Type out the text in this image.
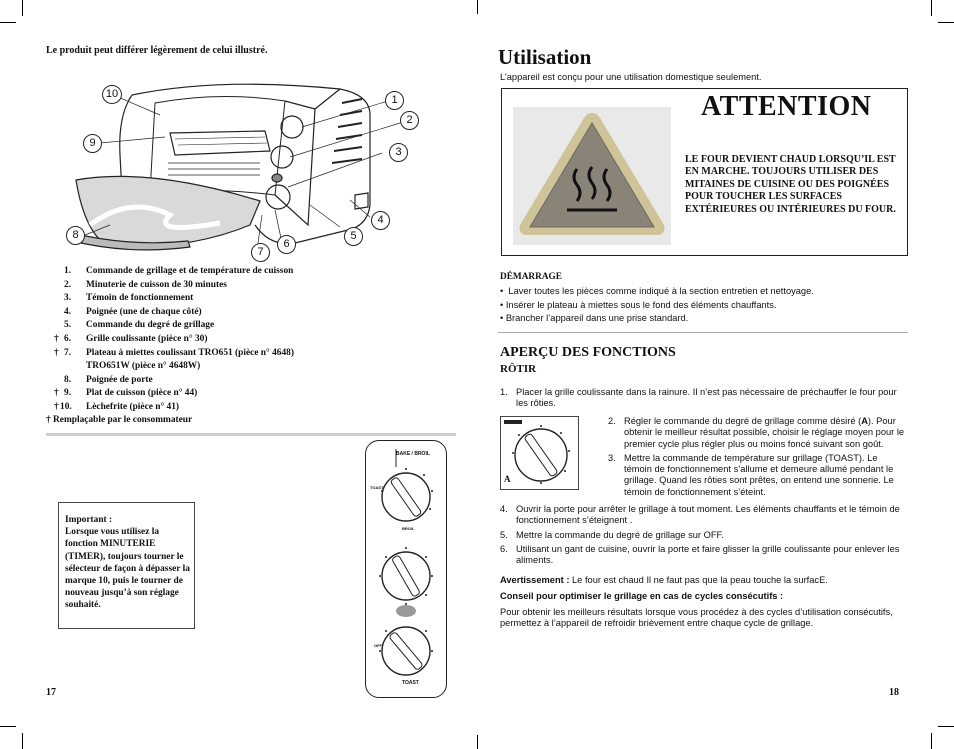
Le produit peut différer légèrement de celui illustré.
10
9
8
7
6
5
4
3
2
1
1. Commande de grillage et de température de cuisson
2. Minuterie de cuisson de 30 minutes
3. Témoin de fonctionnement
4. Poignée (une de chaque côté)
5. Commande du degré de grillage
† 6. Grille coulissante (pièce n° 30)
† 7. Plateau à miettes coulissant TRO651 (pièce n° 4648)
TRO651W (pièce n° 4648W)
8. Poignée de porte
† 9. Plat de cuisson (pièce n° 44)
† 10. Lèchefrite (pièce n° 41)
† Remplaçable par le consommateur
Important :
Lorsque vous utilisez la fonction MINUTERIE (TIMER), toujours tourner le sélecteur de façon à dépasser la marque 10, puis le tourner de nouveau jusqu’à son réglage souhaité.
BAKE / BROIL
TOAST
BROIL
OFF
TOAST
17
Utilisation
L’appareil est conçu pour une utilisation domestique seulement.
ATTENTION
LE FOUR DEVIENT CHAUD LORSQU’IL EST EN MARCHE. TOUJOURS UTILISER DES MITAINES DE CUISINE OU DES POIGNÉES POUR TOUCHER LES SURFACES EXTÉRIEURES OU INTÉRIEURES DU FOUR.
DÉMARRAGE
•  Laver toutes les pièces comme indiqué à la section entretien et nettoyage.
• Insérer le plateau à miettes sous le fond des éléments chauffants.
• Brancher l’appareil dans une prise standard.
APERÇU DES FONCTIONS
RÔTIR
1. Placer la grille coulissante dans la rainure. Il n’est pas nécessaire de préchauffer le four pour les rôties.
A
2. Régler le commande du degré de grillage comme désiré (A). Pour obtenir le meilleur résultat possible, choisir le réglage moyen pour le premier cycle plus régler plus ou moins foncé suivant son goût.
3. Mettre la commande de température sur grillage (TOAST). Le témoin de fonctionnement s’allume et demeure allumé pendant le grillage. Quand les rôties sont prêtes, on entend une sonnerie. Le témoin de fonctionnement s’éteint.
4. Ouvrir la porte pour arrêter le grillage à tout moment. Les éléments chauffants et le témoin de fonctionnement s’éteignent .
5. Mettre la commande du degré de grillage sur OFF.
6. Utilisant un gant de cuisine, ouvrir la porte et faire glisser la grille coulissante pour enlever les aliments.
Avertissement : Le four est chaud Il ne faut pas que la peau touche la surfacE.
Conseil pour optimiser le grillage en cas de cycles consécutifs :
Pour obtenir les meilleurs résultats lorsque vous procédez à des cycles d’utilisation consécutifs, permettez à l’appareil de refroidir brièvement entre chaque cycle de grillage.
18
